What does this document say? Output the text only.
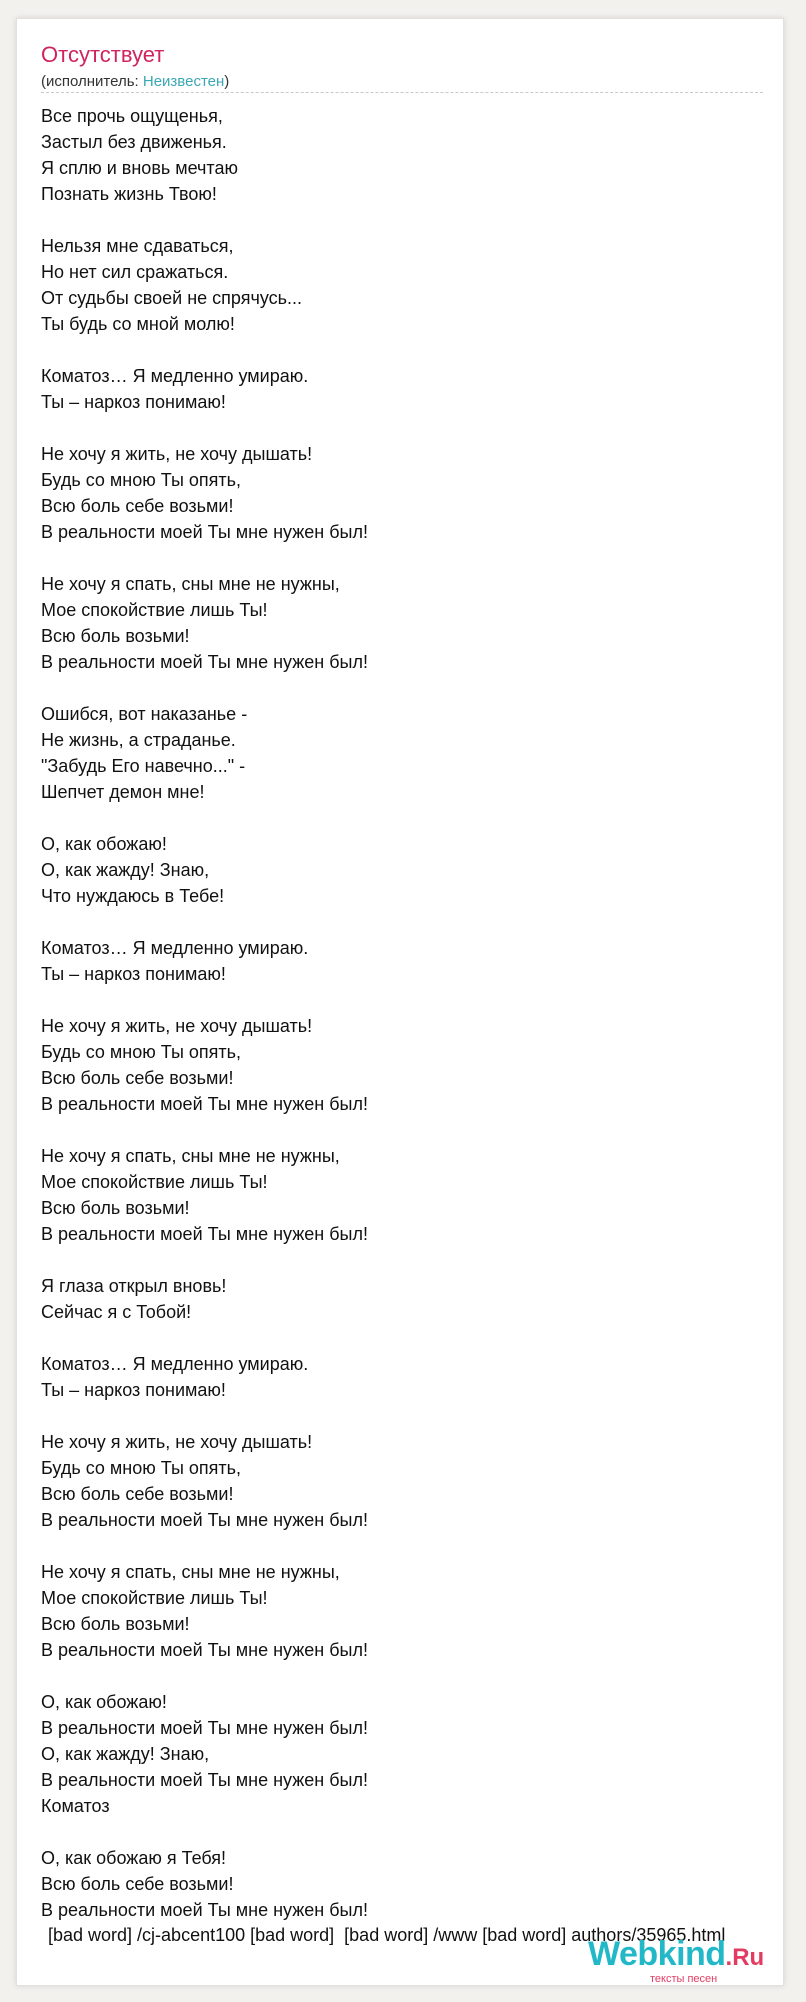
Отсутствует
(исполнитель: Неизвестен)
Все прочь ощущенья,
Застыл без движенья.
Я сплю и вновь мечтаю
Познать жизнь Твою!
Нельзя мне сдаваться,
Но нет сил сражаться.
От судьбы своей не спрячусь...
Ты будь со мной молю!
Коматоз… Я медленно умираю.
Ты – наркоз понимаю!
Не хочу я жить, не хочу дышать!
Будь со мною Ты опять,
Всю боль себе возьми!
В реальности моей Ты мне нужен был!
Не хочу я спать, сны мне не нужны,
Мое спокойствие лишь Ты!
Всю боль возьми!
В реальности моей Ты мне нужен был!
Ошибся, вот наказанье -
Не жизнь, а страданье.
"Забудь Его навечно..." -
Шепчет демон мне!
О, как обожаю!
О, как жажду! Знаю,
Что нуждаюсь в Тебе!
Коматоз… Я медленно умираю.
Ты – наркоз понимаю!
Не хочу я жить, не хочу дышать!
Будь со мною Ты опять,
Всю боль себе возьми!
В реальности моей Ты мне нужен был!
Не хочу я спать, сны мне не нужны,
Мое спокойствие лишь Ты!
Всю боль возьми!
В реальности моей Ты мне нужен был!
Я глаза открыл вновь!
Сейчас я с Тобой!
Коматоз… Я медленно умираю.
Ты – наркоз понимаю!
Не хочу я жить, не хочу дышать!
Будь со мною Ты опять,
Всю боль себе возьми!
В реальности моей Ты мне нужен был!
Не хочу я спать, сны мне не нужны,
Мое спокойствие лишь Ты!
Всю боль возьми!
В реальности моей Ты мне нужен был!
О, как обожаю!
В реальности моей Ты мне нужен был!
О, как жажду! Знаю,
В реальности моей Ты мне нужен был!
Коматоз
О, как обожаю я Тебя!
Всю боль себе возьми!
В реальности моей Ты мне нужен был!
[bad word] /cj-abcent100 [bad word]  [bad word] /www [bad word] authors/35965.html
Webkind.Ru
тексты песен
